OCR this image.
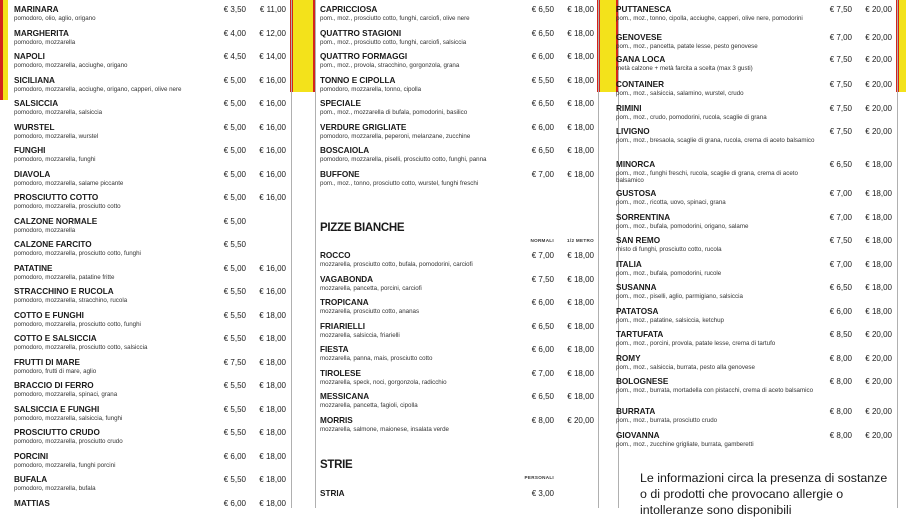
MARINARA
pomodoro, olio, aglio, origano
€ 3,50	€ 11,00
MARGHERITA
pomodoro, mozzarella
€ 4,00	€ 12,00
NAPOLI
pomodoro, mozzarella, acciughe, origano
€ 4,50	€ 14,00
SICILIANA
pomodoro, mozzarella, acciughe, origano, capperi, olive nere
€ 5,00	€ 16,00
SALSICCIA
pomodoro, mozzarella, salsiccia
€ 5,00	€ 16,00
WURSTEL
pomodoro, mozzarella, wurstel
€ 5,00	€ 16,00
FUNGHI
pomodoro, mozzarella, funghi
€ 5,00	€ 16,00
DIAVOLA
pomodoro, mozzarella, salame piccante
€ 5,00	€ 16,00
PROSCIUTTO COTTO
pomodoro, mozzarella, prosciutto cotto
€ 5,00	€ 16,00
CALZONE NORMALE
pomodoro, mozzarella
€ 5,00
CALZONE FARCITO
pomodoro, mozzarella, prosciutto cotto, funghi
€ 5,50
PATATINE
pomodoro, mozzarella, patatine fritte
€ 5,00	€ 16,00
STRACCHINO E RUCOLA
pomodoro, mozzarella, stracchino, rucola
€ 5,50	€ 16,00
COTTO E FUNGHI
pomodoro, mozzarella, prosciutto cotto, funghi
€ 5,50	€ 18,00
COTTO E SALSICCIA
pomodoro, mozzarella, prosciutto cotto, salsiccia
€ 5,50	€ 18,00
FRUTTI DI MARE
pomodoro, frutti di mare, aglio
€ 7,50	€ 18,00
BRACCIO DI FERRO
pomodoro, mozzarella, spinaci, grana
€ 5,50	€ 18,00
SALSICCIA E FUNGHI
pomodoro, mozzarella, salsiccia, funghi
€ 5,50	€ 18,00
PROSCIUTTO CRUDO
pomodoro, mozzarella, prosciutto crudo
€ 5,50	€ 18,00
PORCINI
pomodoro, mozzarella, funghi porcini
€ 6,00	€ 18,00
BUFALA
pomodoro, mozzarella, bufala
€ 5,50	€ 18,00
MATTIAS	€ 6,00	€ 18,00
CAPRICCIOSA
pom., moz., prosciutto cotto, funghi, carciofi, olive nere
€ 6,50	€ 18,00
QUATTRO STAGIONI
pom., moz., prosciutto cotto, funghi, carciofi, salsiccia
€ 6,50	€ 18,00
QUATTRO FORMAGGI
pom., moz., provola, stracchino, gorgonzola, grana
€ 6,00	€ 18,00
TONNO E CIPOLLA
pomodoro, mozzarella, tonno, cipolla
€ 5,50	€ 18,00
SPECIALE
pom., moz., mozzarella di bufala, pomodorini, basilico
€ 6,50	€ 18,00
VERDURE GRIGLIATE
pomodoro, mozzarella, peperoni, melanzane, zucchine
€ 6,00	€ 18,00
BOSCAIOLA
pomodoro, mozzarella, piselli, prosciutto cotto, funghi, panna
€ 6,50	€ 18,00
BUFFONE
pom., moz., tonno, prosciutto cotto, wurstel, funghi freschi
€ 7,00	€ 18,00
PIZZE BIANCHE
NORMALI	1/2 METRO
ROCCO
mozzarella, prosciutto cotto, bufala, pomodorini, carciofi
€ 7,00	€ 18,00
VAGABONDA
mozzarella, pancetta, porcini, carciofi
€ 7,50	€ 18,00
TROPICANA
mozzarella, prosciutto cotto, ananas
€ 6,00	€ 18,00
FRIARIELLI
mozzarella, salsiccia, friarielli
€ 6,50	€ 18,00
FIESTA
mozzarella, panna, mais, prosciutto cotto
€ 6,00	€ 18,00
TIROLESE
mozzarella, speck, noci, gorgonzola, radicchio
€ 7,00	€ 18,00
MESSICANA
mozzarella, pancetta, fagioli, cipolla
€ 6,50	€ 18,00
MORRIS
mozzarella, salmone, maionese, insalata verde
€ 8,00	€ 20,00
STRIE
PERSONALI
STRIA	€ 3,00
PUTTANESCA
pom., moz., tonno, cipolla, acciughe, capperi, olive nere, pomodorini
€ 7,50	€ 20,00
GENOVESE
pom., moz., pancetta, patate lesse, pesto genovese
€ 7,00	€ 20,00
GANA LOCA
metà calzone + metà farcita a scelta (max 3 gusti)
€ 7,50	€ 20,00
CONTAINER
pom., moz., salsiccia, salamino, wurstel, crudo
€ 7,50	€ 20,00
RIMINI
pom., moz., crudo, pomodorini, rucola, scaglie di grana
€ 7,50	€ 20,00
LIVIGNO
pom., moz., bresaola, scaglie di grana, rucola, crema di aceto balsamico
€ 7,50	€ 20,00
MINORCA
pom., moz., funghi freschi, rucola, scaglie di grana, crema di aceto balsamico
€ 6,50	€ 18,00
GUSTOSA
pom., moz., ricotta, uovo, spinaci, grana
€ 7,00	€ 18,00
SORRENTINA
pom., moz., bufala, pomodorini, origano, salame
€ 7,00	€ 18,00
SAN REMO
misto di funghi, prosciutto cotto, rucola
€ 7,50	€ 18,00
ITALIA
pom., moz., bufala, pomodorini, rucole
€ 7,00	€ 18,00
SUSANNA
pom., moz., piselli, aglio, parmigiano, salsiccia
€ 6,50	€ 18,00
PATATOSA
pom., moz., patatine, salsiccia, ketchup
€ 6,00	€ 18,00
TARTUFATA
pom., moz., porcini, provola, patate lesse, crema di tartufo
€ 8,50	€ 20,00
ROMY
pom., moz., salsiccia, burrata, pesto alla genovese
€ 8,00	€ 20,00
BOLOGNESE
pom., moz., burrata, mortadella con pistacchi, crema di aceto balsamico
€ 8,00	€ 20,00
BURRATA
pom., moz., burrata, prosciutto crudo
€ 8,00	€ 20,00
GIOVANNA
pom., moz., zucchine grigliate, burrata, gamberetti
€ 8,00	€ 20,00
Le informazioni circa la presenza di sostanze o di prodotti che provocano allergie o intolleranze sono disponibili
